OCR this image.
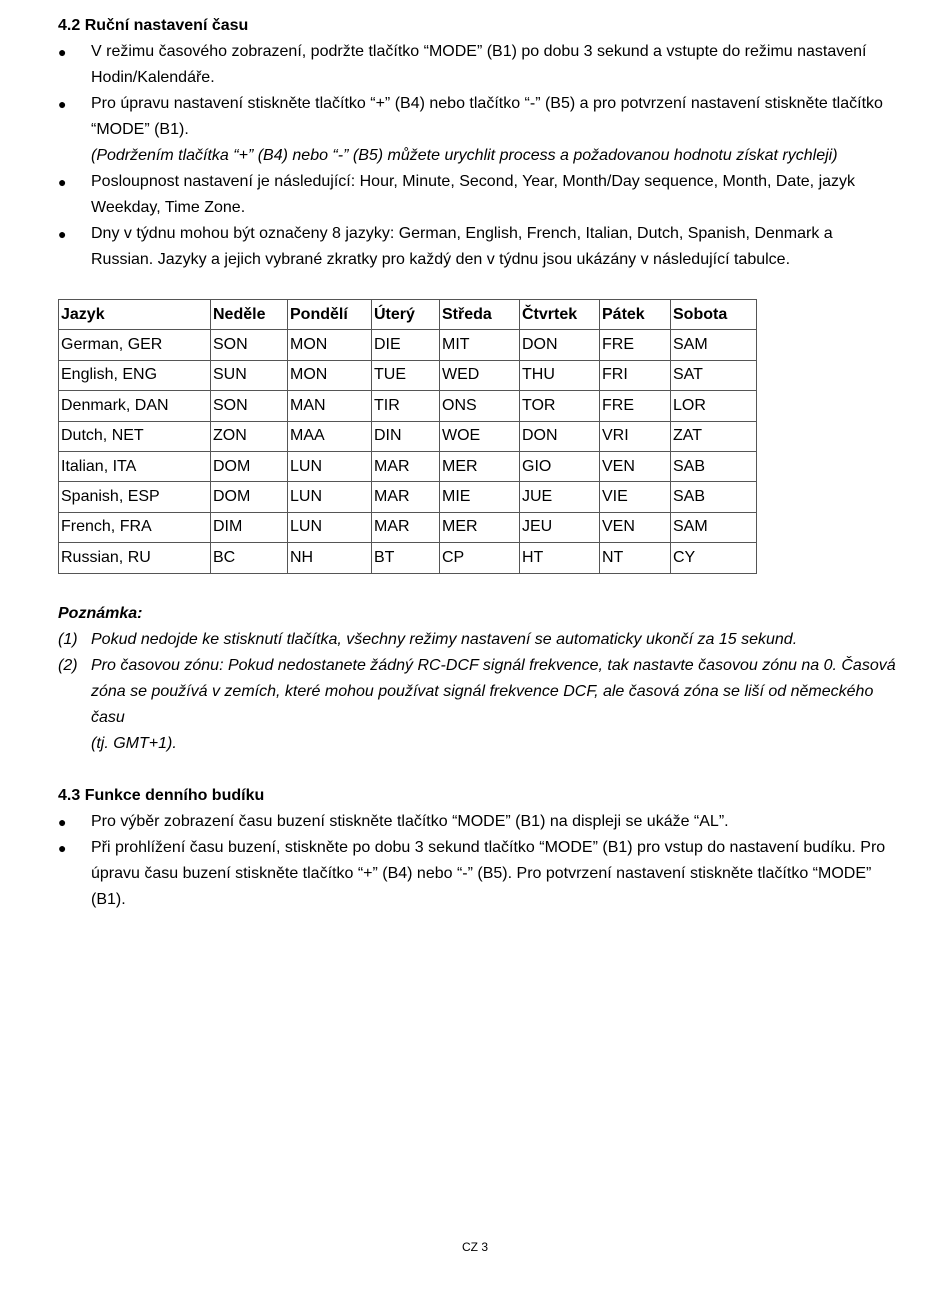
4.2 Ruční nastavení času
●	V režimu časového zobrazení, podržte tlačítko “MODE” (B1) po dobu 3 sekund a vstupte do režimu nastavení Hodin/Kalendáře.
●	Pro úpravu nastavení stiskněte tlačítko “+” (B4) nebo tlačítko “-” (B5) a pro potvrzení nastavení stiskněte tlačítko “MODE” (B1).
(Podržením tlačítka “+” (B4) nebo “-” (B5) můžete urychlit process a požadovanou hodnotu získat rychleji)
●	Posloupnost nastavení je následující: Hour, Minute, Second, Year, Month/Day sequence, Month, Date, jazyk Weekday, Time Zone.
●	Dny v týdnu mohou být označeny 8 jazyky: German, English, French, Italian, Dutch, Spanish, Denmark a Russian. Jazyky a jejich vybrané zkratky pro každý den v týdnu jsou ukázány v následující tabulce.
Jazyk	Neděle	Pondělí	Úterý	Středa	Čtvrtek	Pátek	Sobota
German, GER	SON	MON	DIE	MIT	DON	FRE	SAM
English, ENG	SUN	MON	TUE	WED	THU	FRI	SAT
Denmark, DAN	SON	MAN	TIR	ONS	TOR	FRE	LOR
Dutch, NET	ZON	MAA	DIN	WOE	DON	VRI	ZAT
Italian, ITA	DOM	LUN	MAR	MER	GIO	VEN	SAB
Spanish, ESP	DOM	LUN	MAR	MIE	JUE	VIE	SAB
French, FRA	DIM	LUN	MAR	MER	JEU	VEN	SAM
Russian, RU	BC	NH	BT	CP	HT	NT	CY
Poznámka:
(1) Pokud nedojde ke stisknutí tlačítka, všechny režimy nastavení se automaticky ukončí za 15 sekund.
(2) Pro časovou zónu: Pokud nedostanete žádný RC-DCF signál frekvence, tak nastavte časovou zónu na 0. Časová zóna se používá v zemích, které mohou používat signál frekvence DCF, ale časová zóna se liší od německého času
(tj. GMT+1).
4.3 Funkce denního budíku
●	Pro výběr zobrazení času buzení stiskněte tlačítko “MODE” (B1) na displeji se ukáže “AL”.
●	Při prohlížení času buzení, stiskněte po dobu 3 sekund tlačítko “MODE” (B1) pro vstup do nastavení budíku. Pro úpravu času buzení stiskněte tlačítko “+” (B4) nebo “-” (B5). Pro potvrzení nastavení stiskněte tlačítko “MODE” (B1).
CZ 3
